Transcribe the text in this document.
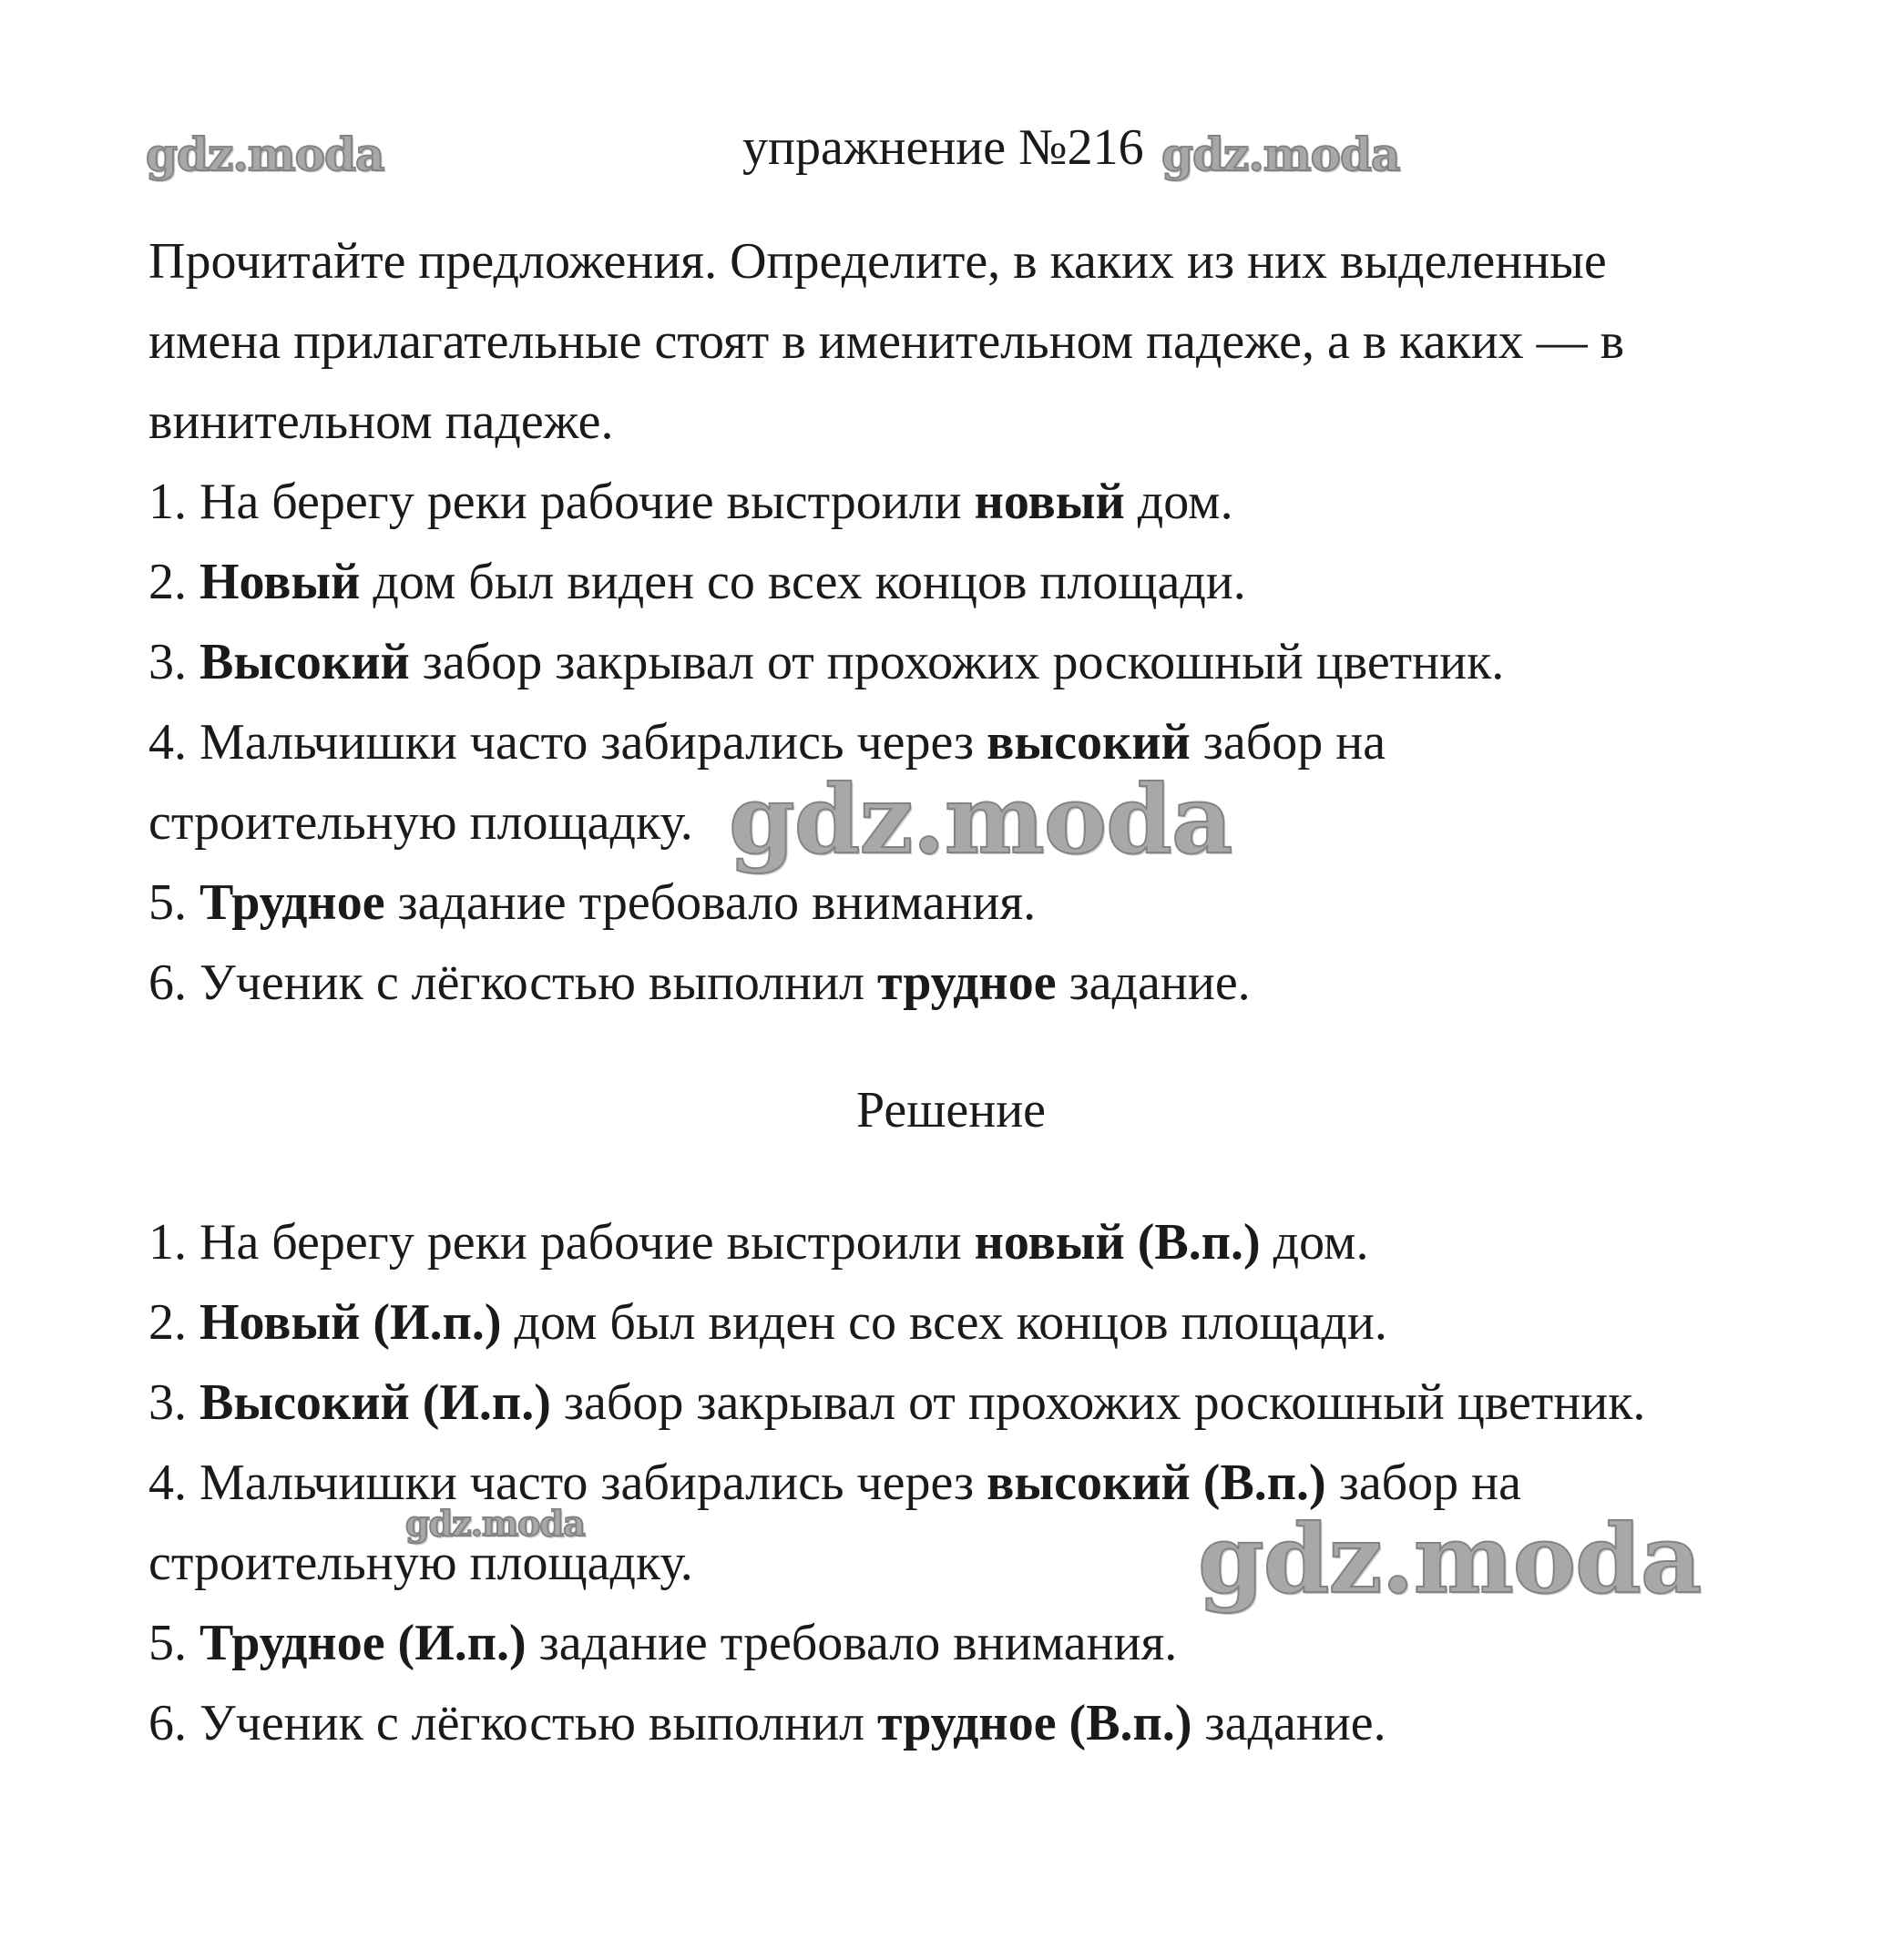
gdz.moda	gdz.moda
gdz.moda
gdz.moda	gdz.moda
упражнение №216
Прочитайте предложения. Определите, в каких из них выделенные
имена прилагательные стоят в именительном падеже, а в каких — в
винительном падеже.
1. На берегу реки рабочие выстроили новый дом.
2. Новый дом был виден со всех концов площади.
3. Высокий забор закрывал от прохожих роскошный цветник.
4. Мальчишки часто забирались через высокий забор на
строительную площадку.
5. Трудное задание требовало внимания.
6. Ученик с лёгкостью выполнил трудное задание.
Решение
1. На берегу реки рабочие выстроили новый (В.п.) дом.
2. Новый (И.п.) дом был виден со всех концов площади.
3. Высокий (И.п.) забор закрывал от прохожих роскошный цветник.
4. Мальчишки часто забирались через высокий (В.п.) забор на
строительную площадку.
5. Трудное (И.п.) задание требовало внимания.
6. Ученик с лёгкостью выполнил трудное (В.п.) задание.
